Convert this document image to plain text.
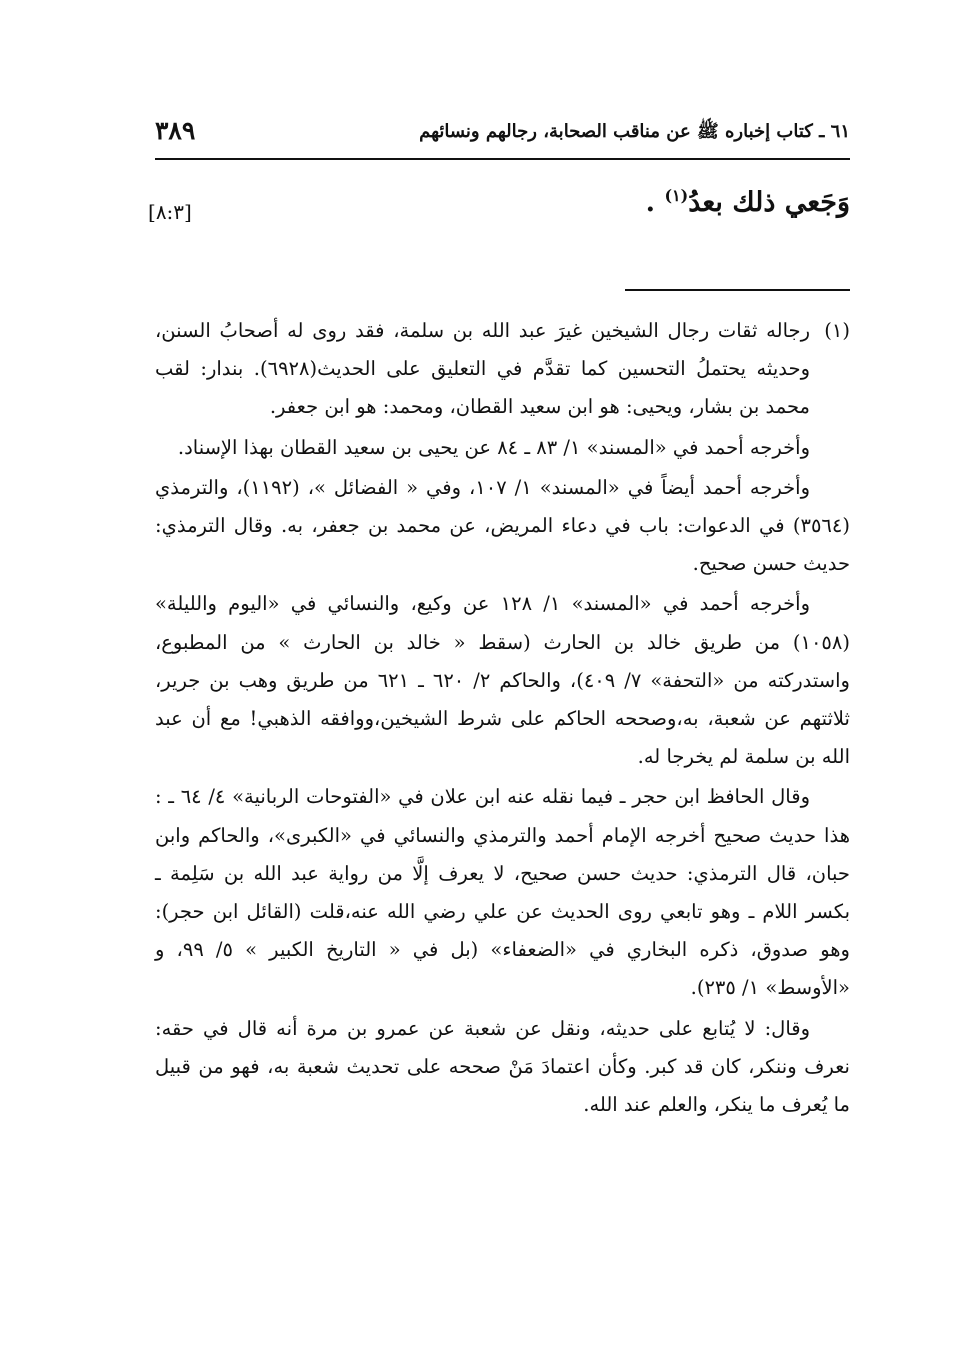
٦١ ـ كتاب إخباره ﷺ عن مناقب الصحابة، رجالهم ونسائهم
٣٨٩
وَجَعي ذلك بعدُ$^{(١)}$ .
[٨:٣]

(١)
رجاله ثقات رجال الشيخين غيرَ عبد الله بن سلمة، فقد روى له أصحابُ السنن، وحديثه يحتملُ التحسين كما تقدَّم في التعليق على الحديث(٦٩٢٨). بندار: لقب محمد بن بشار، ويحيى: هو ابن سعيد القطان، ومحمد: هو ابن جعفر.

وأخرجه أحمد في «المسند» ١/ ٨٣ ـ ٨٤ عن يحيى بن سعيد القطان بهذا الإسناد.

وأخرجه أحمد أيضاً في «المسند» ١/ ١٠٧، وفي « الفضائل »، (١١٩٢)، والترمذي (٣٥٦٤) في الدعوات: باب في دعاء المريض، عن محمد بن جعفر، به. وقال الترمذي: حديث حسن صحيح.

وأخرجه أحمد في «المسند» ١/ ١٢٨ عن وكيع، والنسائي في «اليوم والليلة» (١٠٥٨) من طريق خالد بن الحارث (سقط « خالد بن الحارث » من المطبوع، واستدركته من «التحفة» ٧/ ٤٠٩)، والحاكم ٢/ ٦٢٠ ـ ٦٢١ من طريق وهب بن جرير، ثلاثتهم عن شعبة، به،وصححه الحاكم على شرط الشيخين،ووافقه الذهبي! مع أن عبد الله بن سلمة لم يخرجا له.

وقال الحافظ ابن حجر ـ فيما نقله عنه ابن علان في «الفتوحات الربانية» ٤/ ٦٤ ـ : هذا حديث صحيح أخرجه الإمام أحمد والترمذي والنسائي في «الكبرى»، والحاكم وابن حبان، قال الترمذي: حديث حسن صحيح، لا يعرف إلَّا من رواية عبد الله بن سَلِمة ـ بكسر اللام ـ وهو تابعي روى الحديث عن علي رضي الله عنه،قلت (القائل ابن حجر): وهو صدوق، ذكره البخاري في «الضعفاء» (بل في « التاريخ الكبير » ٥/ ٩٩، و «الأوسط» ١/ ٢٣٥).

وقال: لا يُتابع على حديثه، ونقل عن شعبة عن عمرو بن مرة أنه قال في حقه: نعرف وننكر، كان قد كبر. وكأن اعتمادَ مَنْ صححه على تحديث شعبة به، فهو من قبيل ما يُعرف ما ينكر، والعلم عند الله.
